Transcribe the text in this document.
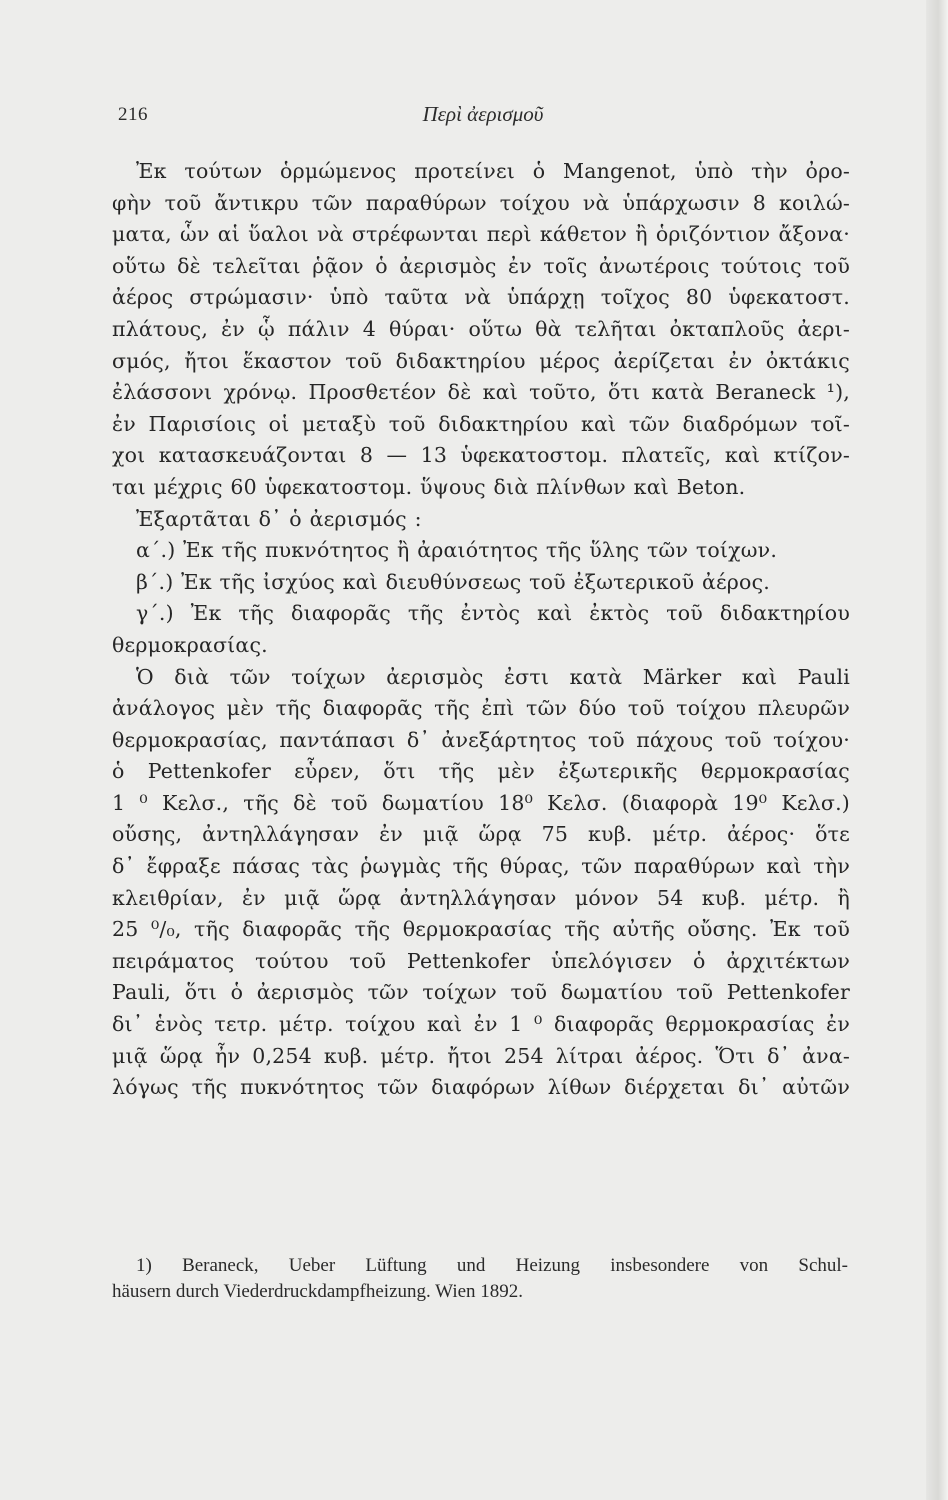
216	Περὶ ἀερισμοῦ
Ἐκ τούτων ὁρμώμενος προτείνει ὁ Mangenot, ὑπὸ τὴν ὀρο-
φὴν τοῦ ἄντικρυ τῶν παραθύρων τοίχου νὰ ὑπάρχωσιν 8 κοιλώ-
ματα, ὧν αἱ ὕαλοι νὰ στρέφωνται περὶ κάθετον ἢ ὁριζόντιον ἄξονα·
οὕτω δὲ τελεῖται ῥᾷον ὁ ἀερισμὸς ἐν τοῖς ἀνωτέροις τούτοις τοῦ
ἀέρος στρώμασιν· ὑπὸ ταῦτα νὰ ὑπάρχῃ τοῖχος 80 ὑφεκατοστ.
πλάτους, ἐν ᾧ πάλιν 4 θύραι· οὕτω θὰ τελῆται ὀκταπλοῦς ἀερι-
σμός, ἤτοι ἕκαστον τοῦ διδακτηρίου μέρος ἀερίζεται ἐν ὀκτάκις
ἐλάσσονι χρόνῳ. Προσθετέον δὲ καὶ τοῦτο, ὅτι κατὰ Beraneck ¹),
ἐν Παρισίοις οἱ μεταξὺ τοῦ διδακτηρίου καὶ τῶν διαδρόμων τοῖ-
χοι κατασκευάζονται 8 — 13 ὑφεκατοστομ. πλατεῖς, καὶ κτίζον-
ται μέχρις 60 ὑφεκατοστομ. ὕψους διὰ πλίνθων καὶ Beton.
Ἐξαρτᾶται δ᾽ ὁ ἀερισμός :
α΄.) Ἐκ τῆς πυκνότητος ἢ ἀραιότητος τῆς ὕλης τῶν τοίχων.
β΄.) Ἐκ τῆς ἰσχύος καὶ διευθύνσεως τοῦ ἐξωτερικοῦ ἀέρος.
γ΄.) Ἐκ τῆς διαφορᾶς τῆς ἐντὸς καὶ ἐκτὸς τοῦ διδακτηρίου
θερμοκρασίας.
Ὁ διὰ τῶν τοίχων ἀερισμὸς ἐστι κατὰ Märker καὶ Pauli
ἀνάλογος μὲν τῆς διαφορᾶς τῆς ἐπὶ τῶν δύο τοῦ τοίχου πλευρῶν
θερμοκρασίας, παντάπασι δ᾽ ἀνεξάρτητος τοῦ πάχους τοῦ τοίχου·
ὁ Pettenkofer εὗρεν, ὅτι τῆς μὲν ἐξωτερικῆς θερμοκρασίας
1 ⁰ Κελσ., τῆς δὲ τοῦ δωματίου 18⁰ Κελσ. (διαφορὰ 19⁰ Κελσ.)
οὔσης, ἀντηλλάγησαν ἐν μιᾷ ὥρᾳ 75 κυβ. μέτρ. ἀέρος· ὅτε
δ᾽ ἔφραξε πάσας τὰς ῥωγμὰς τῆς θύρας, τῶν παραθύρων καὶ τὴν
κλειθρίαν, ἐν μιᾷ ὥρᾳ ἀντηλλάγησαν μόνον 54 κυβ. μέτρ. ἢ
25 ⁰/₀, τῆς διαφορᾶς τῆς θερμοκρασίας τῆς αὐτῆς οὔσης. Ἐκ τοῦ
πειράματος τούτου τοῦ Pettenkofer ὑπελόγισεν ὁ ἀρχιτέκτων
Pauli, ὅτι ὁ ἀερισμὸς τῶν τοίχων τοῦ δωματίου τοῦ Pettenkofer
δι᾽ ἑνὸς τετρ. μέτρ. τοίχου καὶ ἐν 1 ⁰ διαφορᾶς θερμοκρασίας ἐν
μιᾷ ὥρᾳ ἦν 0,254 κυβ. μέτρ. ἤτοι 254 λίτραι ἀέρος. Ὅτι δ᾽ ἀνα-
λόγως τῆς πυκνότητος τῶν διαφόρων λίθων διέρχεται δι᾽ αὐτῶν
1) Beraneck, Ueber Lüftung und Heizung insbesondere von Schul-
häusern durch Viederdruckdampfheizung. Wien 1892.
